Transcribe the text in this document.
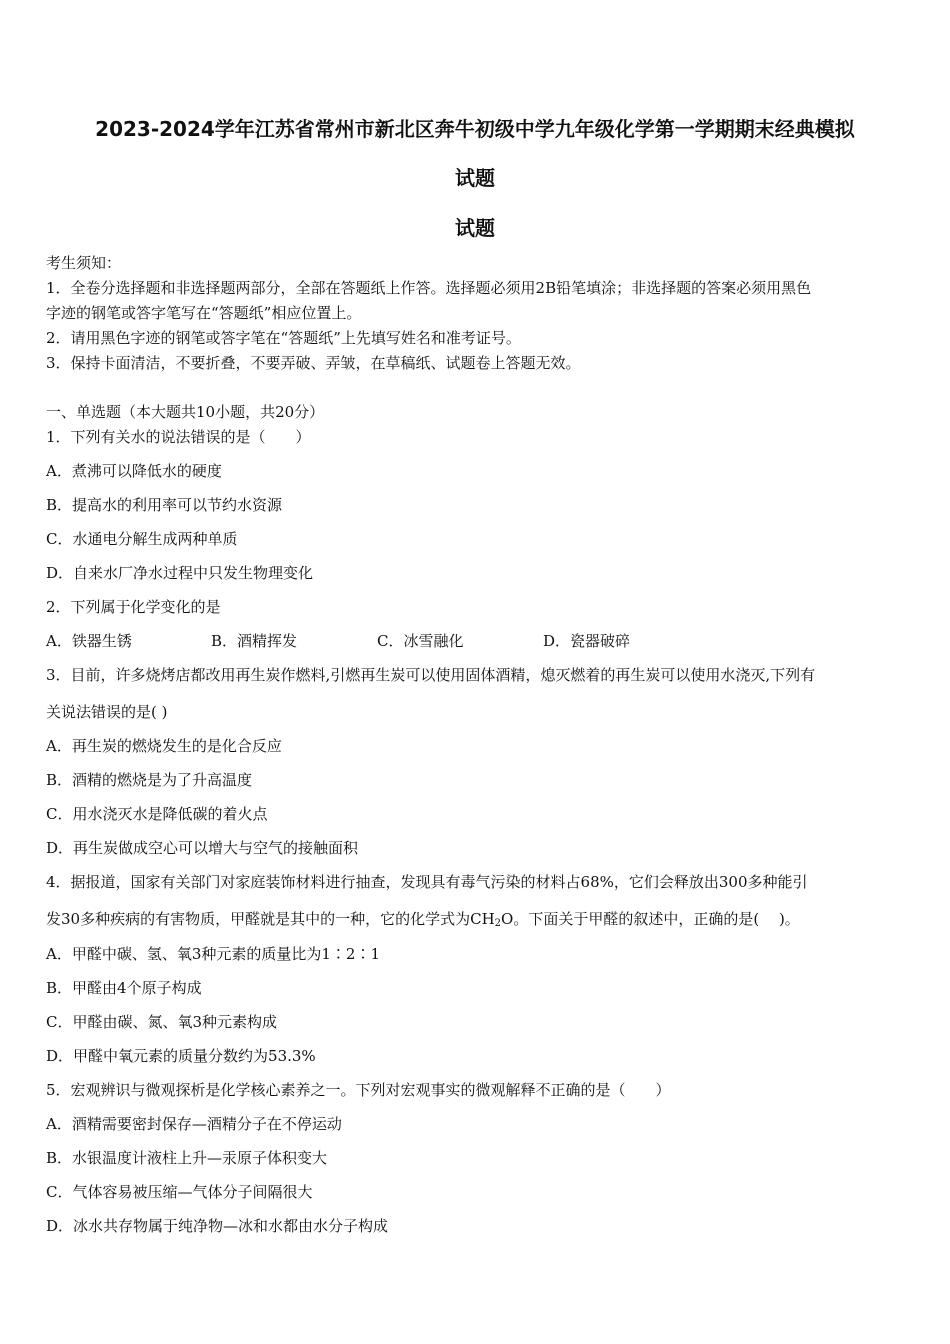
2023-2024学年江苏省常州市新北区奔牛初级中学九年级化学第一学期期末经典模拟
试题
试题
考生须知：
1．全卷分选择题和非选择题两部分，全部在答题纸上作答。选择题必须用2B铅笔填涂；非选择题的答案必须用黑色
字迹的钢笔或答字笔写在“答题纸”相应位置上。
2．请用黑色字迹的钢笔或答字笔在“答题纸”上先填写姓名和准考证号。
3．保持卡面清洁，不要折叠，不要弄破、弄皱，在草稿纸、试题卷上答题无效。
一、单选题（本大题共10小题，共20分）
1．下列有关水的说法错误的是（　　）
A．煮沸可以降低水的硬度
B．提高水的利用率可以节约水资源
C．水通电分解生成两种单质
D．自来水厂净水过程中只发生物理变化
2．下列属于化学变化的是
A．铁器生锈	B．酒精挥发	C．冰雪融化	D．瓷器破碎
3．目前，许多烧烤店都改用再生炭作燃料,引燃再生炭可以使用固体酒精，熄灭燃着的再生炭可以使用水浇灭,下列有
关说法错误的是( )
A．再生炭的燃烧发生的是化合反应
B．酒精的燃烧是为了升高温度
C．用水浇灭水是降低碳的着火点
D．再生炭做成空心可以增大与空气的接触面积
4．据报道，国家有关部门对家庭装饰材料进行抽查，发现具有毒气污染的材料占68%，它们会释放出300多种能引
发30多种疾病的有害物质，甲醛就是其中的一种，它的化学式为$CH_2O$。下面关于甲醛的叙述中，正确的是(　 )。
A．甲醛中碳、氢、氧3种元素的质量比为1∶2∶1
B．甲醛由4个原子构成
C．甲醛由碳、氮、氧3种元素构成
D．甲醛中氧元素的质量分数约为53.3%
5．宏观辨识与微观探析是化学核心素养之一。下列对宏观事实的微观解释不正确的是（　　）
A．酒精需要密封保存—酒精分子在不停运动
B．水银温度计液柱上升—汞原子体积变大
C．气体容易被压缩—气体分子间隔很大
D．冰水共存物属于纯净物—冰和水都由水分子构成
